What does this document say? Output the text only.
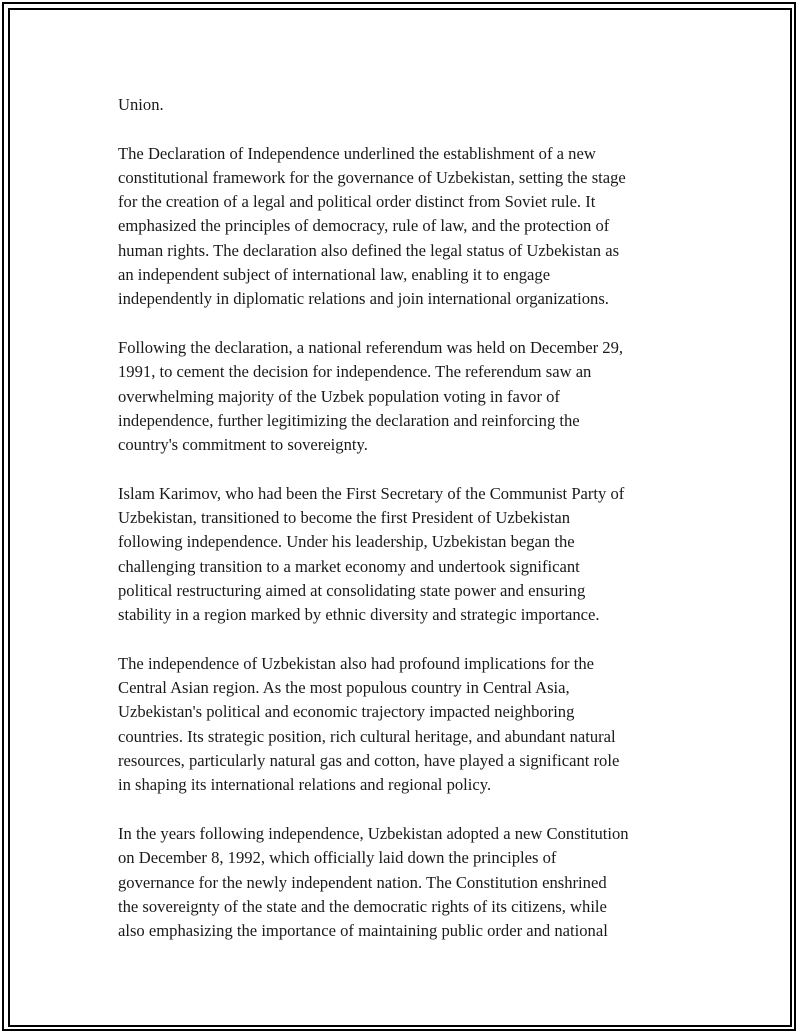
Union.

The Declaration of Independence underlined the establishment of a new
constitutional framework for the governance of Uzbekistan, setting the stage
for the creation of a legal and political order distinct from Soviet rule. It
emphasized the principles of democracy, rule of law, and the protection of
human rights. The declaration also defined the legal status of Uzbekistan as
an independent subject of international law, enabling it to engage
independently in diplomatic relations and join international organizations.

Following the declaration, a national referendum was held on December 29,
1991, to cement the decision for independence. The referendum saw an
overwhelming majority of the Uzbek population voting in favor of
independence, further legitimizing the declaration and reinforcing the
country's commitment to sovereignty.

Islam Karimov, who had been the First Secretary of the Communist Party of
Uzbekistan, transitioned to become the first President of Uzbekistan
following independence. Under his leadership, Uzbekistan began the
challenging transition to a market economy and undertook significant
political restructuring aimed at consolidating state power and ensuring
stability in a region marked by ethnic diversity and strategic importance.

The independence of Uzbekistan also had profound implications for the
Central Asian region. As the most populous country in Central Asia,
Uzbekistan's political and economic trajectory impacted neighboring
countries. Its strategic position, rich cultural heritage, and abundant natural
resources, particularly natural gas and cotton, have played a significant role
in shaping its international relations and regional policy.

In the years following independence, Uzbekistan adopted a new Constitution
on December 8, 1992, which officially laid down the principles of
governance for the newly independent nation. The Constitution enshrined
the sovereignty of the state and the democratic rights of its citizens, while
also emphasizing the importance of maintaining public order and national
